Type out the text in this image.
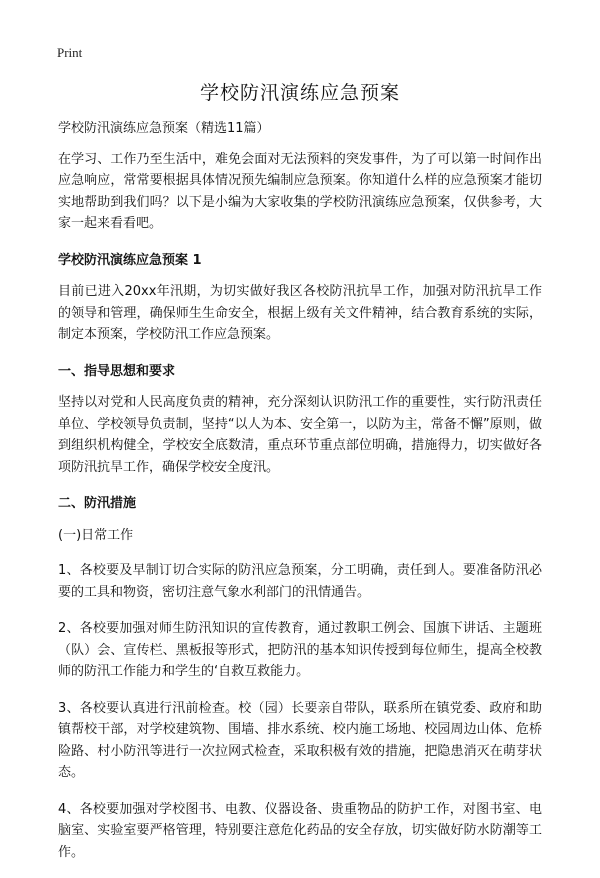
Print
学校防汛演练应急预案

学校防汛演练应急预案（精选11篇）

在学习、工作乃至生活中，难免会面对无法预料的突发事件，为了可以第一时间作出应急响应，常常要根据具体情况预先编制应急预案。你知道什么样的应急预案才能切实地帮助到我们吗？以下是小编为大家收集的学校防汛演练应急预案，仅供参考，大家一起来看看吧。

学校防汛演练应急预案 1

目前已进入20xx年汛期，为切实做好我区各校防汛抗旱工作，加强对防汛抗旱工作的领导和管理，确保师生生命安全，根据上级有关文件精神，结合教育系统的实际，制定本预案，学校防汛工作应急预案。

一、指导思想和要求

坚持以对党和人民高度负责的精神，充分深刻认识防汛工作的重要性，实行防汛责任单位、学校领导负责制，坚持“以人为本、安全第一，以防为主，常备不懈”原则，做到组织机构健全，学校安全底数清，重点环节重点部位明确，措施得力，切实做好各项防汛抗旱工作，确保学校安全度汛。

二、防汛措施

(一)日常工作

1、各校要及早制订切合实际的防汛应急预案，分工明确，责任到人。要准备防汛必要的工具和物资，密切注意气象水利部门的汛情通告。

2、各校要加强对师生防汛知识的宣传教育，通过教职工例会、国旗下讲话、主题班（队）会、宣传栏、黑板报等形式，把防汛的基本知识传授到每位师生，提高全校教师的防汛工作能力和学生的‘自救互救能力。

3、各校要认真进行汛前检查。校（园）长要亲自带队，联系所在镇党委、政府和助镇帮校干部，对学校建筑物、围墙、排水系统、校内施工场地、校园周边山体、危桥险路、村小防汛等进行一次拉网式检查，采取积极有效的措施，把隐患消灭在萌芽状态。

4、各校要加强对学校图书、电教、仪器设备、贵重物品的防护工作，对图书室、电脑室、实验室要严格管理，特别要注意危化药品的安全存放，切实做好防水防潮等工作。
